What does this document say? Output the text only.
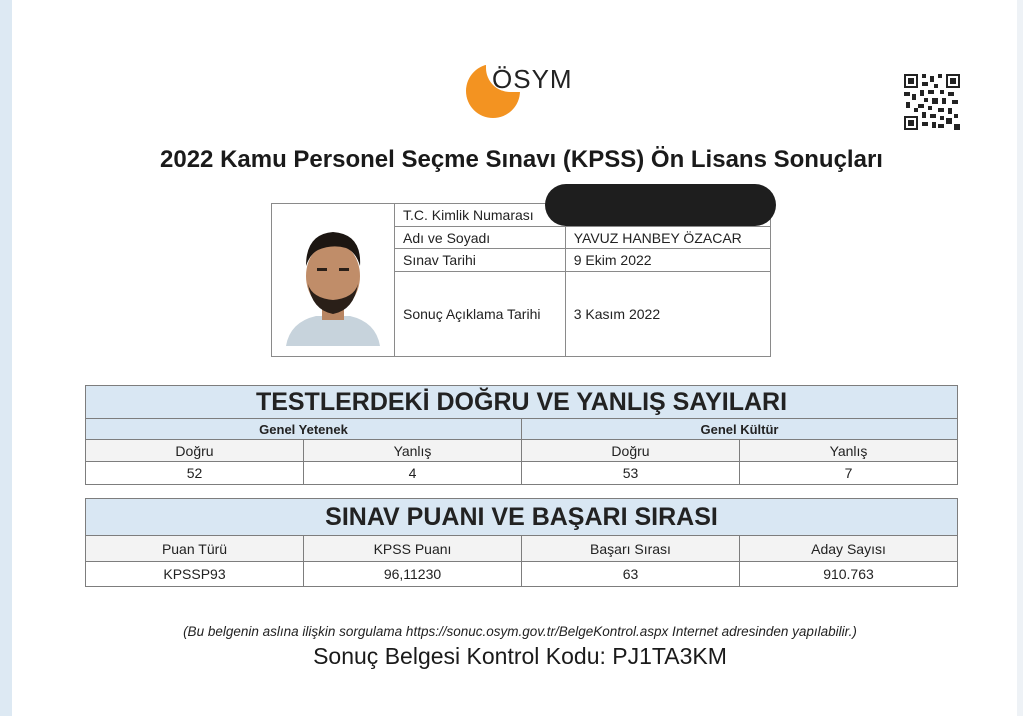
ÖSYM
2022 Kamu Personel Seçme Sınavı (KPSS) Ön Lisans Sonuçları
T.C. Kimlik Numarası	
Adı ve Soyadı	YAVUZ HANBEY ÖZACAR
Sınav Tarihi	9 Ekim 2022
Sonuç Açıklama Tarihi	3 Kasım 2022
TESTLERDEKİ DOĞRU VE YANLIŞ SAYILARI			
Genel Yetenek		Genel Kültür	
Doğru	Yanlış	Doğru	Yanlış
52	4	53	7
SINAV PUANI VE BAŞARI SIRASI			
Puan Türü	KPSS Puanı	Başarı Sırası	Aday Sayısı
KPSSP93	96,11230	63	910.763
(Bu belgenin aslına ilişkin sorgulama https://sonuc.osym.gov.tr/BelgeKontrol.aspx Internet adresinden yapılabilir.)
Sonuç Belgesi Kontrol Kodu: PJ1TA3KM
